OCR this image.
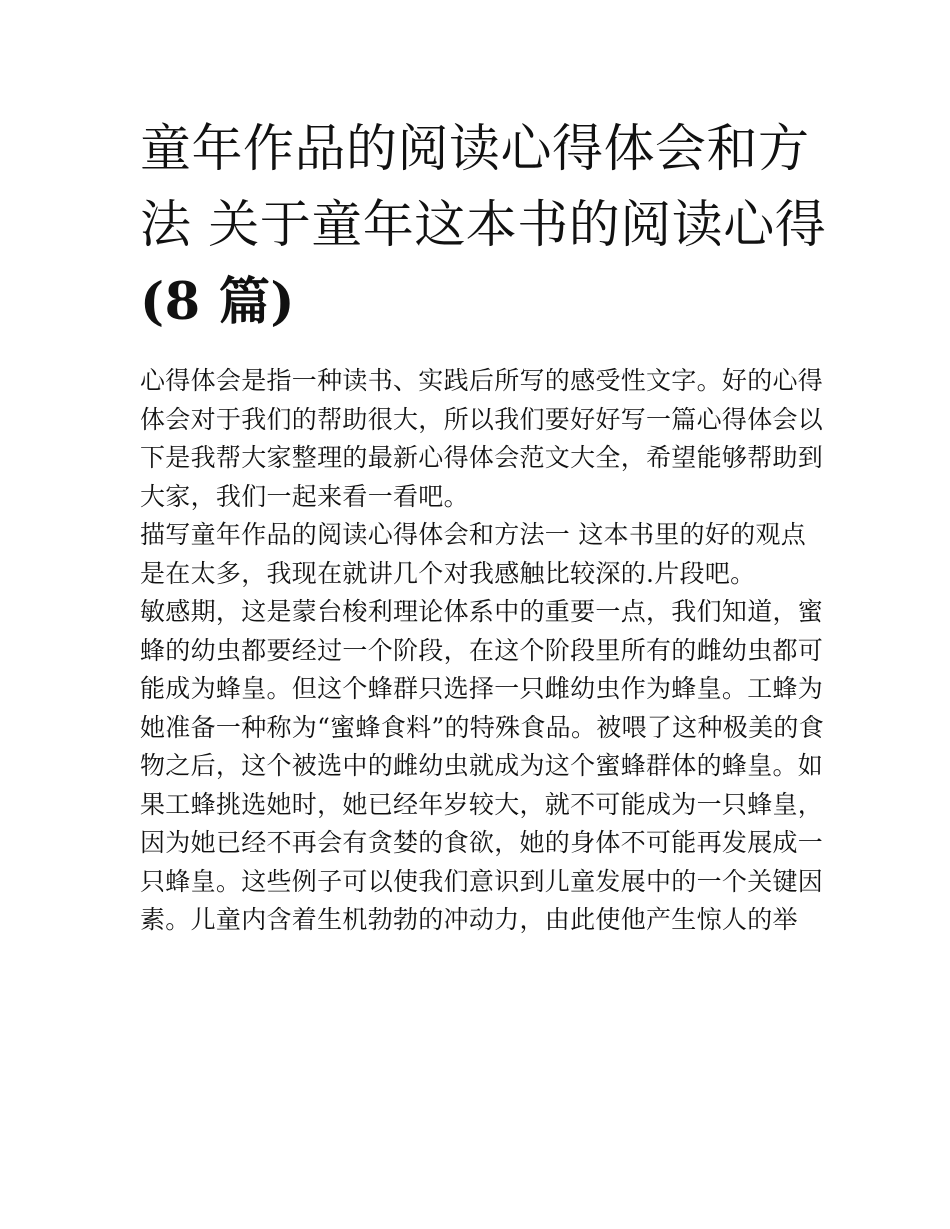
童年作品的阅读心得体会和方
法 关于童年这本书的阅读心得
(8 篇)
心得体会是指一种读书、实践后所写的感受性文字。好的心得
体会对于我们的帮助很大，所以我们要好好写一篇心得体会以
下是我帮大家整理的最新心得体会范文大全，希望能够帮助到
大家，我们一起来看一看吧。
描写童年作品的阅读心得体会和方法一 这本书里的好的观点
是在太多，我现在就讲几个对我感触比较深的.片段吧。
敏感期，这是蒙台梭利理论体系中的重要一点，我们知道，蜜
蜂的幼虫都要经过一个阶段，在这个阶段里所有的雌幼虫都可
能成为蜂皇。但这个蜂群只选择一只雌幼虫作为蜂皇。工蜂为
她准备一种称为“蜜蜂食料”的特殊食品。被喂了这种极美的食
物之后，这个被选中的雌幼虫就成为这个蜜蜂群体的蜂皇。如
果工蜂挑选她时，她已经年岁较大，就不可能成为一只蜂皇，
因为她已经不再会有贪婪的食欲，她的身体不可能再发展成一
只蜂皇。这些例子可以使我们意识到儿童发展中的一个关键因
素。儿童内含着生机勃勃的冲动力，由此使他产生惊人的举
